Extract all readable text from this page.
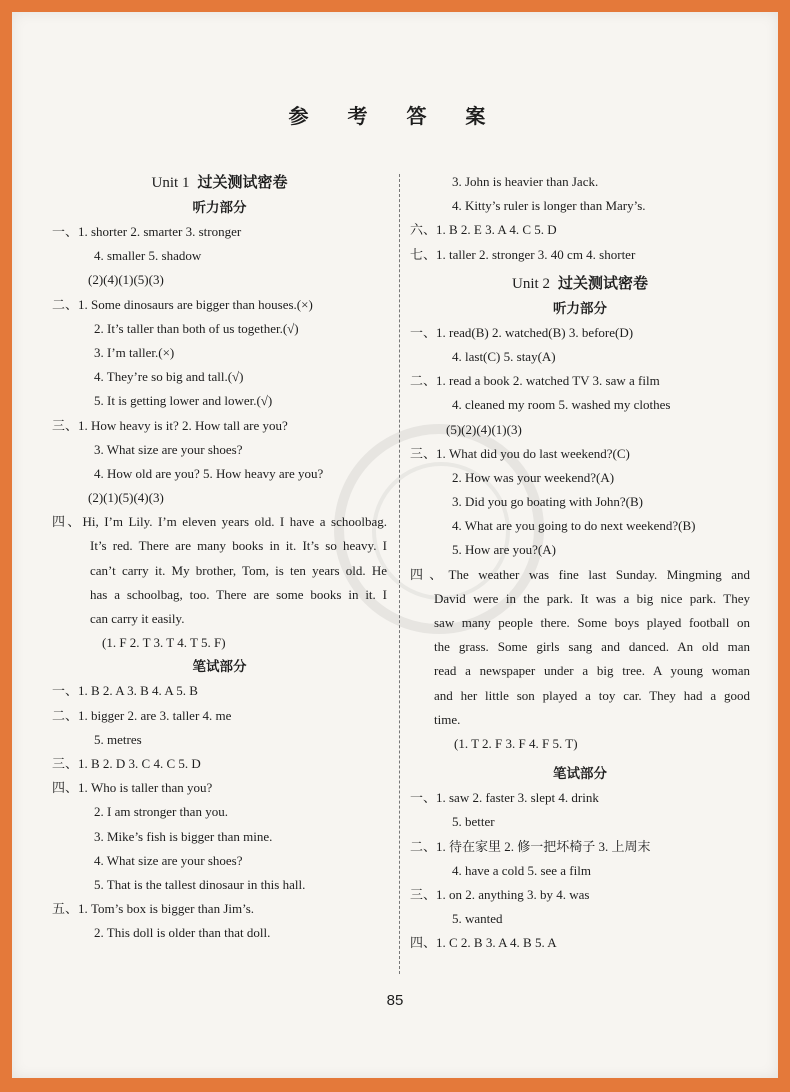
参 考 答 案
Unit 1 过关测试密卷
听力部分
一、1. shorter 2. smarter 3. stronger
4. smaller 5. shadow
(2)(4)(1)(5)(3)
二、1. Some dinosaurs are bigger than houses.(×)
2. It’s taller than both of us together.(√)
3. I’m taller.(×)
4. They’re so big and tall.(√)
5. It is getting lower and lower.(√)
三、1. How heavy is it? 2. How tall are you?
3. What size are your shoes?
4. How old are you? 5. How heavy are you?
(2)(1)(5)(4)(3)
四、Hi, I’m Lily. I’m eleven years old. I have a schoolbag.
It’s red. There are many books in it. It’s so heavy. I
can’t carry it. My brother, Tom, is ten years old. He
has a schoolbag, too. There are some books in it. I
can carry it easily.
(1. F 2. T 3. T 4. T 5. F)
笔试部分
一、1. B 2. A 3. B 4. A 5. B
二、1. bigger 2. are 3. taller 4. me
5. metres
三、1. B 2. D 3. C 4. C 5. D
四、1. Who is taller than you?
2. I am stronger than you.
3. Mike’s fish is bigger than mine.
4. What size are your shoes?
5. That is the tallest dinosaur in this hall.
五、1. Tom’s box is bigger than Jim’s.
2. This doll is older than that doll.
3. John is heavier than Jack.
4. Kitty’s ruler is longer than Mary’s.
六、1. B 2. E 3. A 4. C 5. D
七、1. taller 2. stronger 3. 40 cm 4. shorter
Unit 2 过关测试密卷
听力部分
一、1. read(B) 2. watched(B) 3. before(D)
4. last(C) 5. stay(A)
二、1. read a book 2. watched TV 3. saw a film
4. cleaned my room 5. washed my clothes
(5)(2)(4)(1)(3)
三、1. What did you do last weekend?(C)
2. How was your weekend?(A)
3. Did you go boating with John?(B)
4. What are you going to do next weekend?(B)
5. How are you?(A)
四、The weather was fine last Sunday. Mingming and
David were in the park. It was a big nice park. They
saw many people there. Some boys played football on
the grass. Some girls sang and danced. An old man
read a newspaper under a big tree. A young woman
and her little son played a toy car. They had a good
time.
(1. T 2. F 3. F 4. F 5. T)
笔试部分
一、1. saw 2. faster 3. slept 4. drink
5. better
二、1. 待在家里 2. 修一把坏椅子 3. 上周末
4. have a cold 5. see a film
三、1. on 2. anything 3. by 4. was
5. wanted
四、1. C 2. B 3. A 4. B 5. A
85
